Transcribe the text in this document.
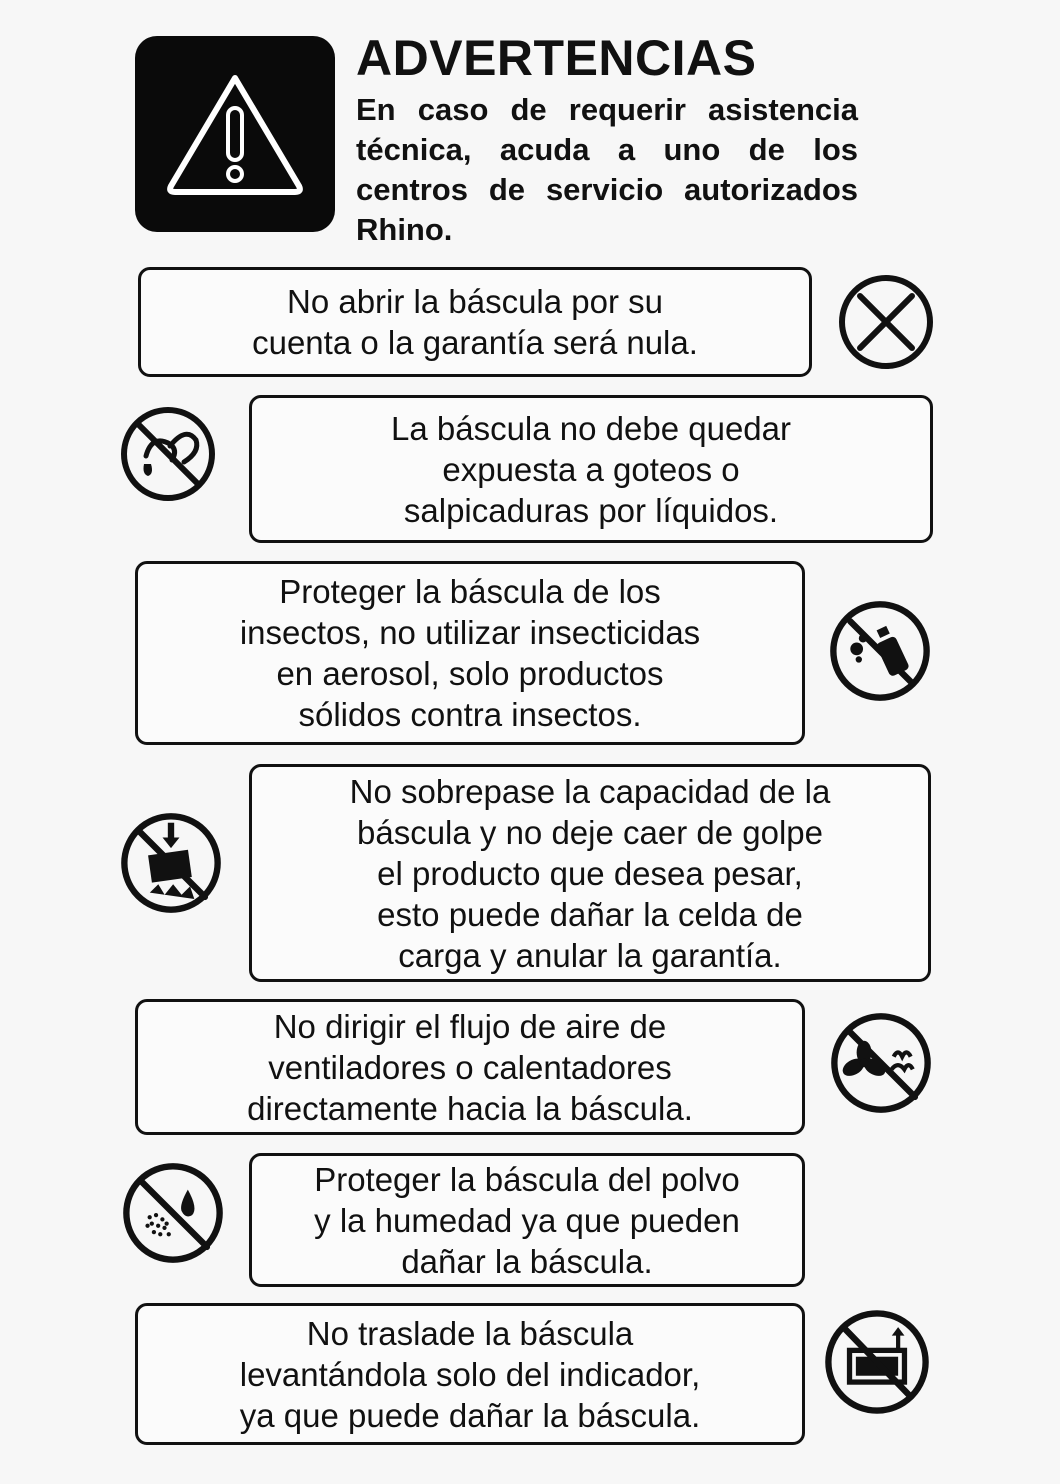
ADVERTENCIAS
En caso de requerir asistencia técnica, acuda a uno de los centros de servicio autorizados Rhino.
No abrir la báscula por su
cuenta o la garantía será nula.
La báscula no debe quedar
expuesta a goteos o
salpicaduras por líquidos.
Proteger la báscula de los
insectos, no utilizar insecticidas
en aerosol, solo productos
sólidos contra insectos.
No sobrepase la capacidad de la
báscula y no deje caer de golpe
el producto que desea pesar,
esto puede dañar la celda de
carga y anular la garantía.
No dirigir el flujo de aire de
ventiladores o calentadores
directamente hacia la báscula.
Proteger la báscula del polvo
y la humedad ya que pueden
dañar la báscula.
No traslade la báscula
levantándola solo del indicador,
ya que puede dañar la báscula.
